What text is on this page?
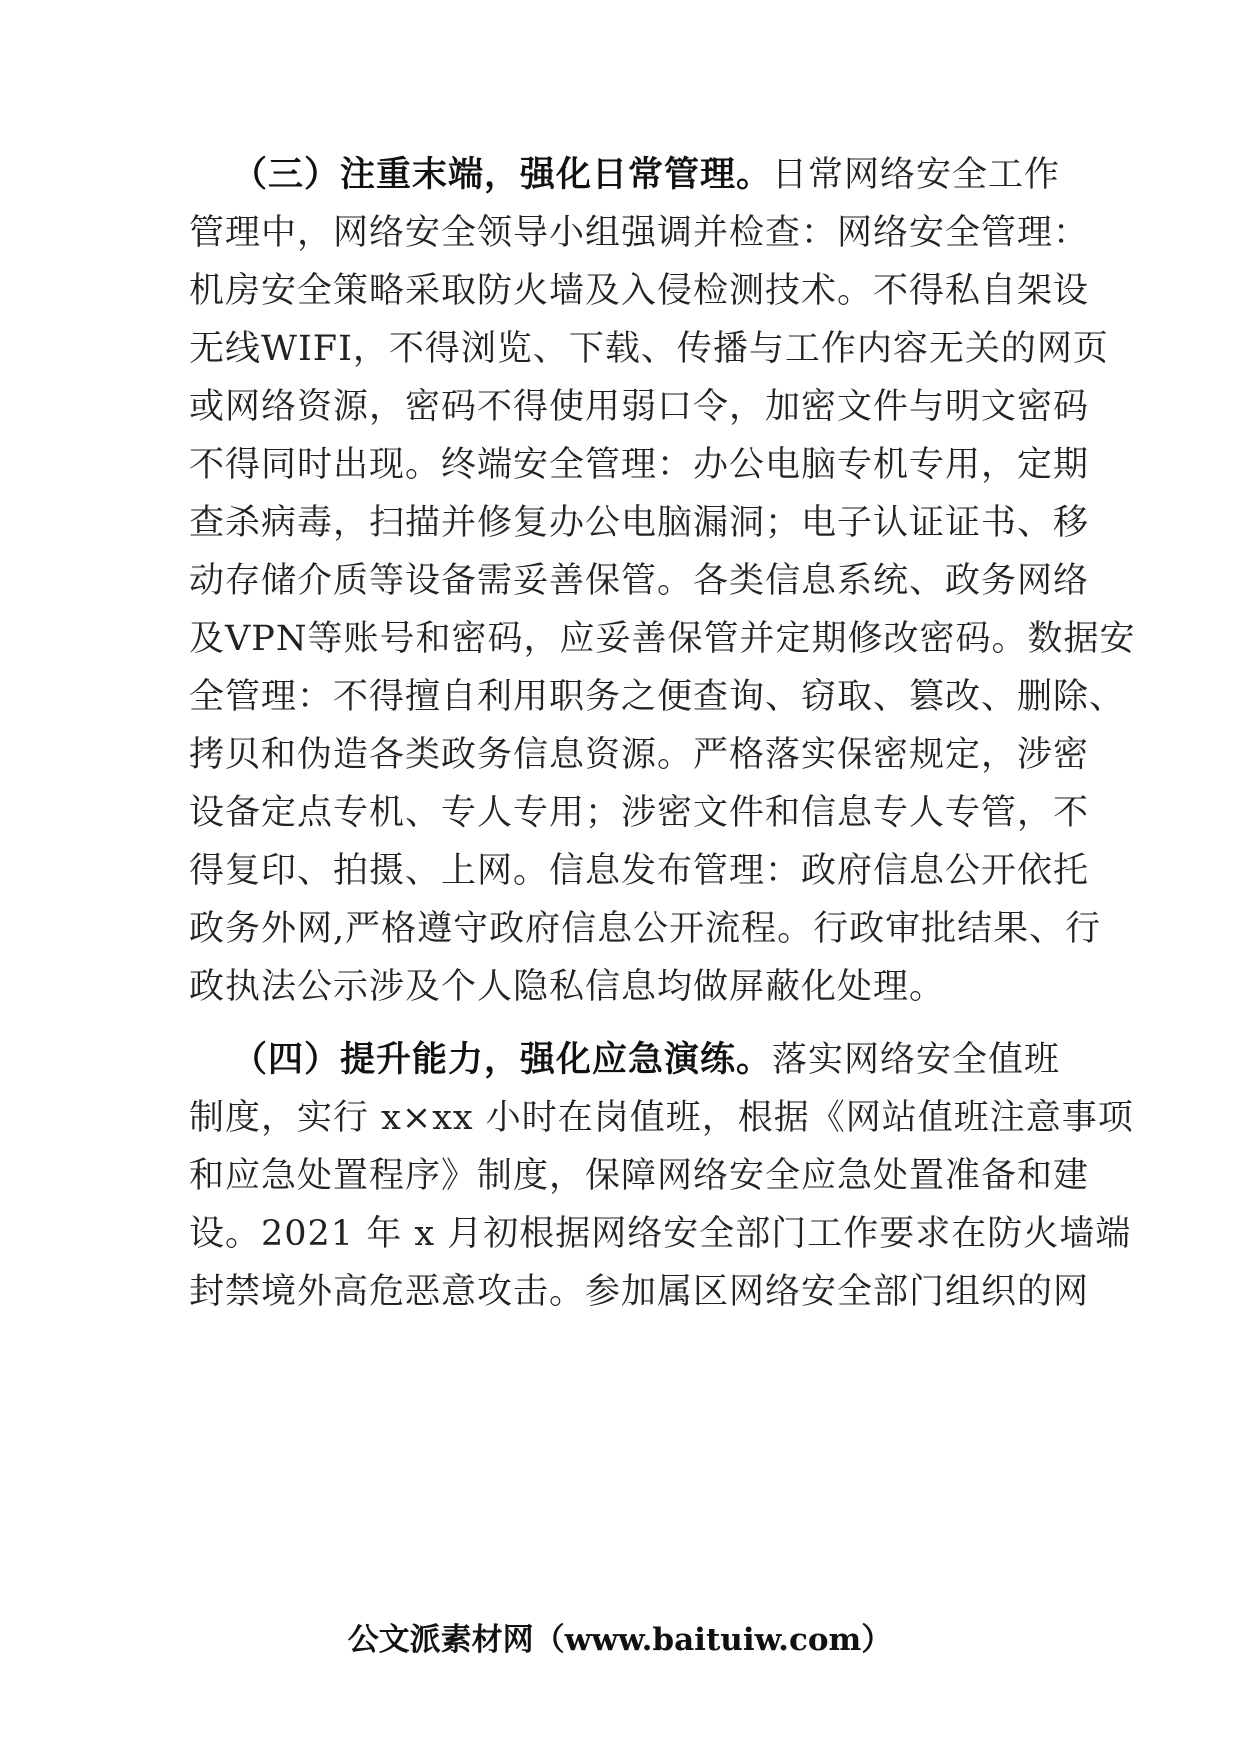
（三）注重末端，强化日常管理。日常网络安全工作
管理中，网络安全领导小组强调并检查：网络安全管理：
机房安全策略采取防火墙及入侵检测技术。不得私自架设
无线WIFI，不得浏览、下载、传播与工作内容无关的网页
或网络资源，密码不得使用弱口令，加密文件与明文密码
不得同时出现。终端安全管理：办公电脑专机专用，定期
查杀病毒，扫描并修复办公电脑漏洞；电子认证证书、移
动存储介质等设备需妥善保管。各类信息系统、政务网络
及VPN等账号和密码，应妥善保管并定期修改密码。数据安
全管理：不得擅自利用职务之便查询、窃取、篡改、删除、
拷贝和伪造各类政务信息资源。严格落实保密规定，涉密
设备定点专机、专人专用；涉密文件和信息专人专管，不
得复印、拍摄、上网。信息发布管理：政府信息公开依托
政务外网,严格遵守政府信息公开流程。行政审批结果、行
政执法公示涉及个人隐私信息均做屏蔽化处理。
（四）提升能力，强化应急演练。落实网络安全值班
制度，实行 x×xx 小时在岗值班，根据《网站值班注意事项
和应急处置程序》制度，保障网络安全应急处置准备和建
设。2021 年 x 月初根据网络安全部门工作要求在防火墙端
封禁境外高危恶意攻击。参加属区网络安全部门组织的网
公文派素材网（www.baituiw.com）
